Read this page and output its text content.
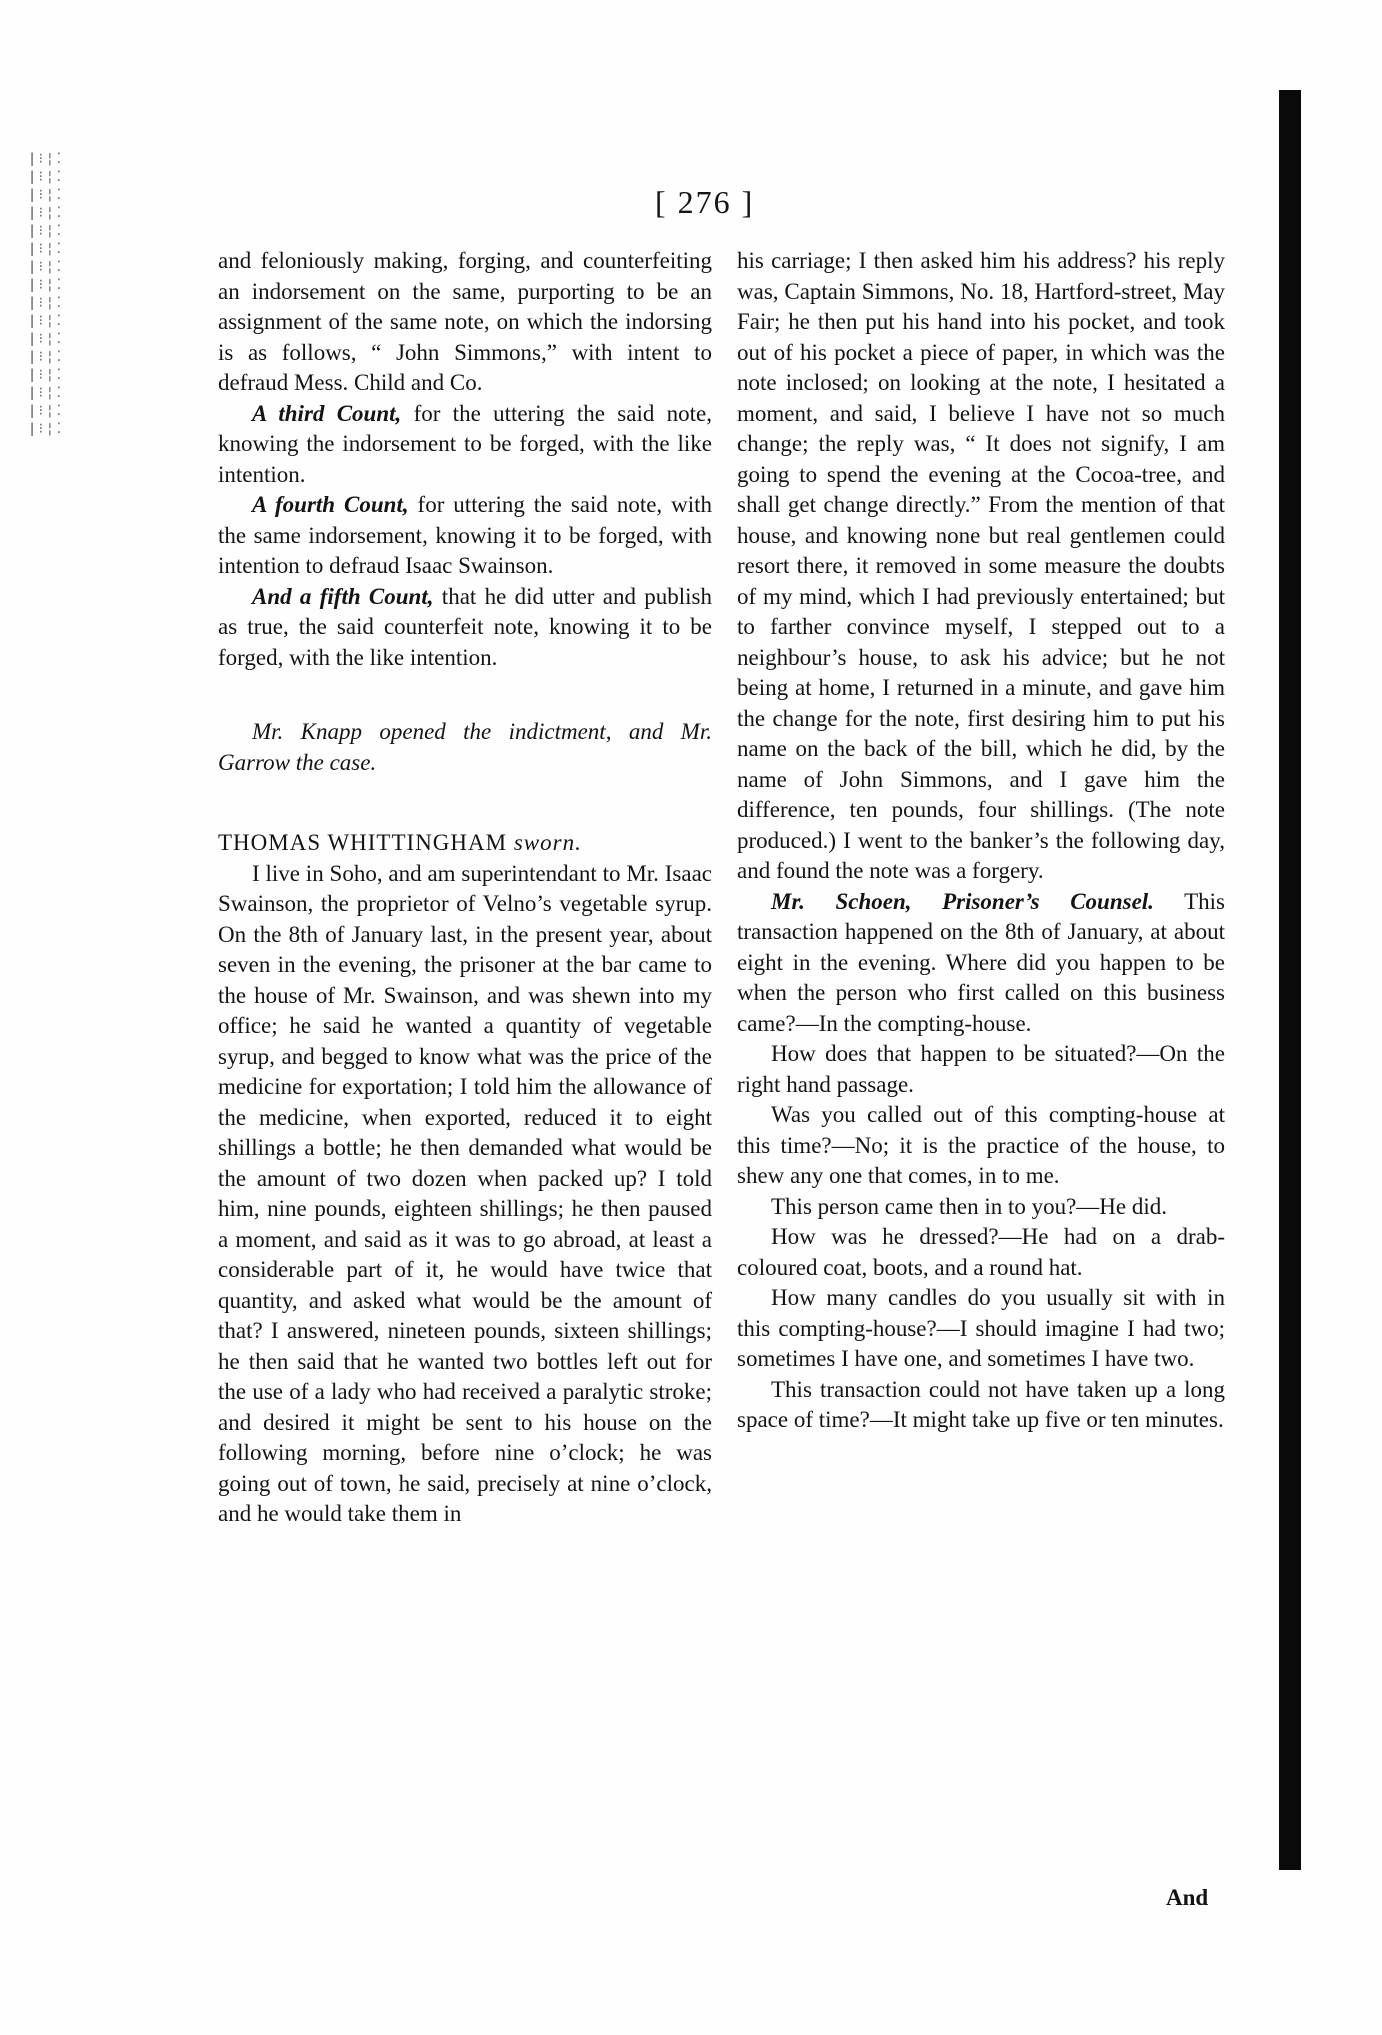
ǀ ⁝ ¦ ⁚ ǀ ⁝ ¦ ⁚ ǀ ⁝ ¦ ⁚ ǀ ⁝ ¦ ⁚ ǀ ⁝ ¦ ⁚ ǀ ⁝ ¦ ⁚ ǀ ⁝ ¦ ⁚ ǀ ⁝ ¦ ⁚ ǀ ⁝ ¦ ⁚ ǀ ⁝ ¦ ⁚ ǀ ⁝ ¦ ⁚ ǀ ⁝ ¦ ⁚ ǀ ⁝ ¦ ⁚ ǀ ⁝ ¦ ⁚ ǀ ⁝ ¦ ⁚ ǀ ⁝ ¦ ⁚
[ 276 ]

and feloniously making, forging, and counterfeiting an indorsement on the same, purporting to be an assignment of the same note, on which the indorsing is as follows, “ John Simmons,” with intent to defraud Mess. Child and Co.

A third Count, for the uttering the said note, knowing the indorsement to be forged, with the like intention.

A fourth Count, for uttering the said note, with the same indorsement, knowing it to be forged, with intention to defraud Isaac Swainson.

And a fifth Count, that he did utter and publish as true, the said counterfeit note, knowing it to be forged, with the like intention.

Mr. Knapp opened the indictment, and Mr. Garrow the case.

THOMAS WHITTINGHAM sworn.

I live in Soho, and am superintendant to Mr. Isaac Swainson, the proprietor of Velno’s vegetable syrup. On the 8th of January last, in the present year, about seven in the evening, the prisoner at the bar came to the house of Mr. Swainson, and was shewn into my office; he said he wanted a quantity of vegetable syrup, and begged to know what was the price of the medicine for exportation; I told him the allowance of the medicine, when exported, reduced it to eight shillings a bottle; he then demanded what would be the amount of two dozen when packed up? I told him, nine pounds, eighteen shillings; he then paused a moment, and said as it was to go abroad, at least a considerable part of it, he would have twice that quantity, and asked what would be the amount of that? I answered, nineteen pounds, sixteen shillings; he then said that he wanted two bottles left out for the use of a lady who had received a paralytic stroke; and desired it might be sent to his house on the following morning, before nine o’clock; he was going out of town, he said, precisely at nine o’clock, and he would take them in

his carriage; I then asked him his address? his reply was, Captain Simmons, No. 18, Hartford-street, May Fair; he then put his hand into his pocket, and took out of his pocket a piece of paper, in which was the note inclosed; on looking at the note, I hesitated a moment, and said, I believe I have not so much change; the reply was, “ It does not signify, I am going to spend the evening at the Cocoa-tree, and shall get change directly.” From the mention of that house, and knowing none but real gentlemen could resort there, it removed in some measure the doubts of my mind, which I had previously entertained; but to farther convince myself, I stepped out to a neighbour’s house, to ask his advice; but he not being at home, I returned in a minute, and gave him the change for the note, first desiring him to put his name on the back of the bill, which he did, by the name of John Simmons, and I gave him the difference, ten pounds, four shillings. (The note produced.) I went to the banker’s the following day, and found the note was a forgery.

Mr. Schoen, Prisoner’s Counsel. This transaction happened on the 8th of January, at about eight in the evening. Where did you happen to be when the person who first called on this business came?—In the compting-house.

How does that happen to be situated?—On the right hand passage.

Was you called out of this compting-house at this time?—No; it is the practice of the house, to shew any one that comes, in to me.

This person came then in to you?—He did.

How was he dressed?—He had on a drab-coloured coat, boots, and a round hat.

How many candles do you usually sit with in this compting-house?—I should imagine I had two; sometimes I have one, and sometimes I have two.

This transaction could not have taken up a long space of time?—It might take up five or ten minutes.

And
